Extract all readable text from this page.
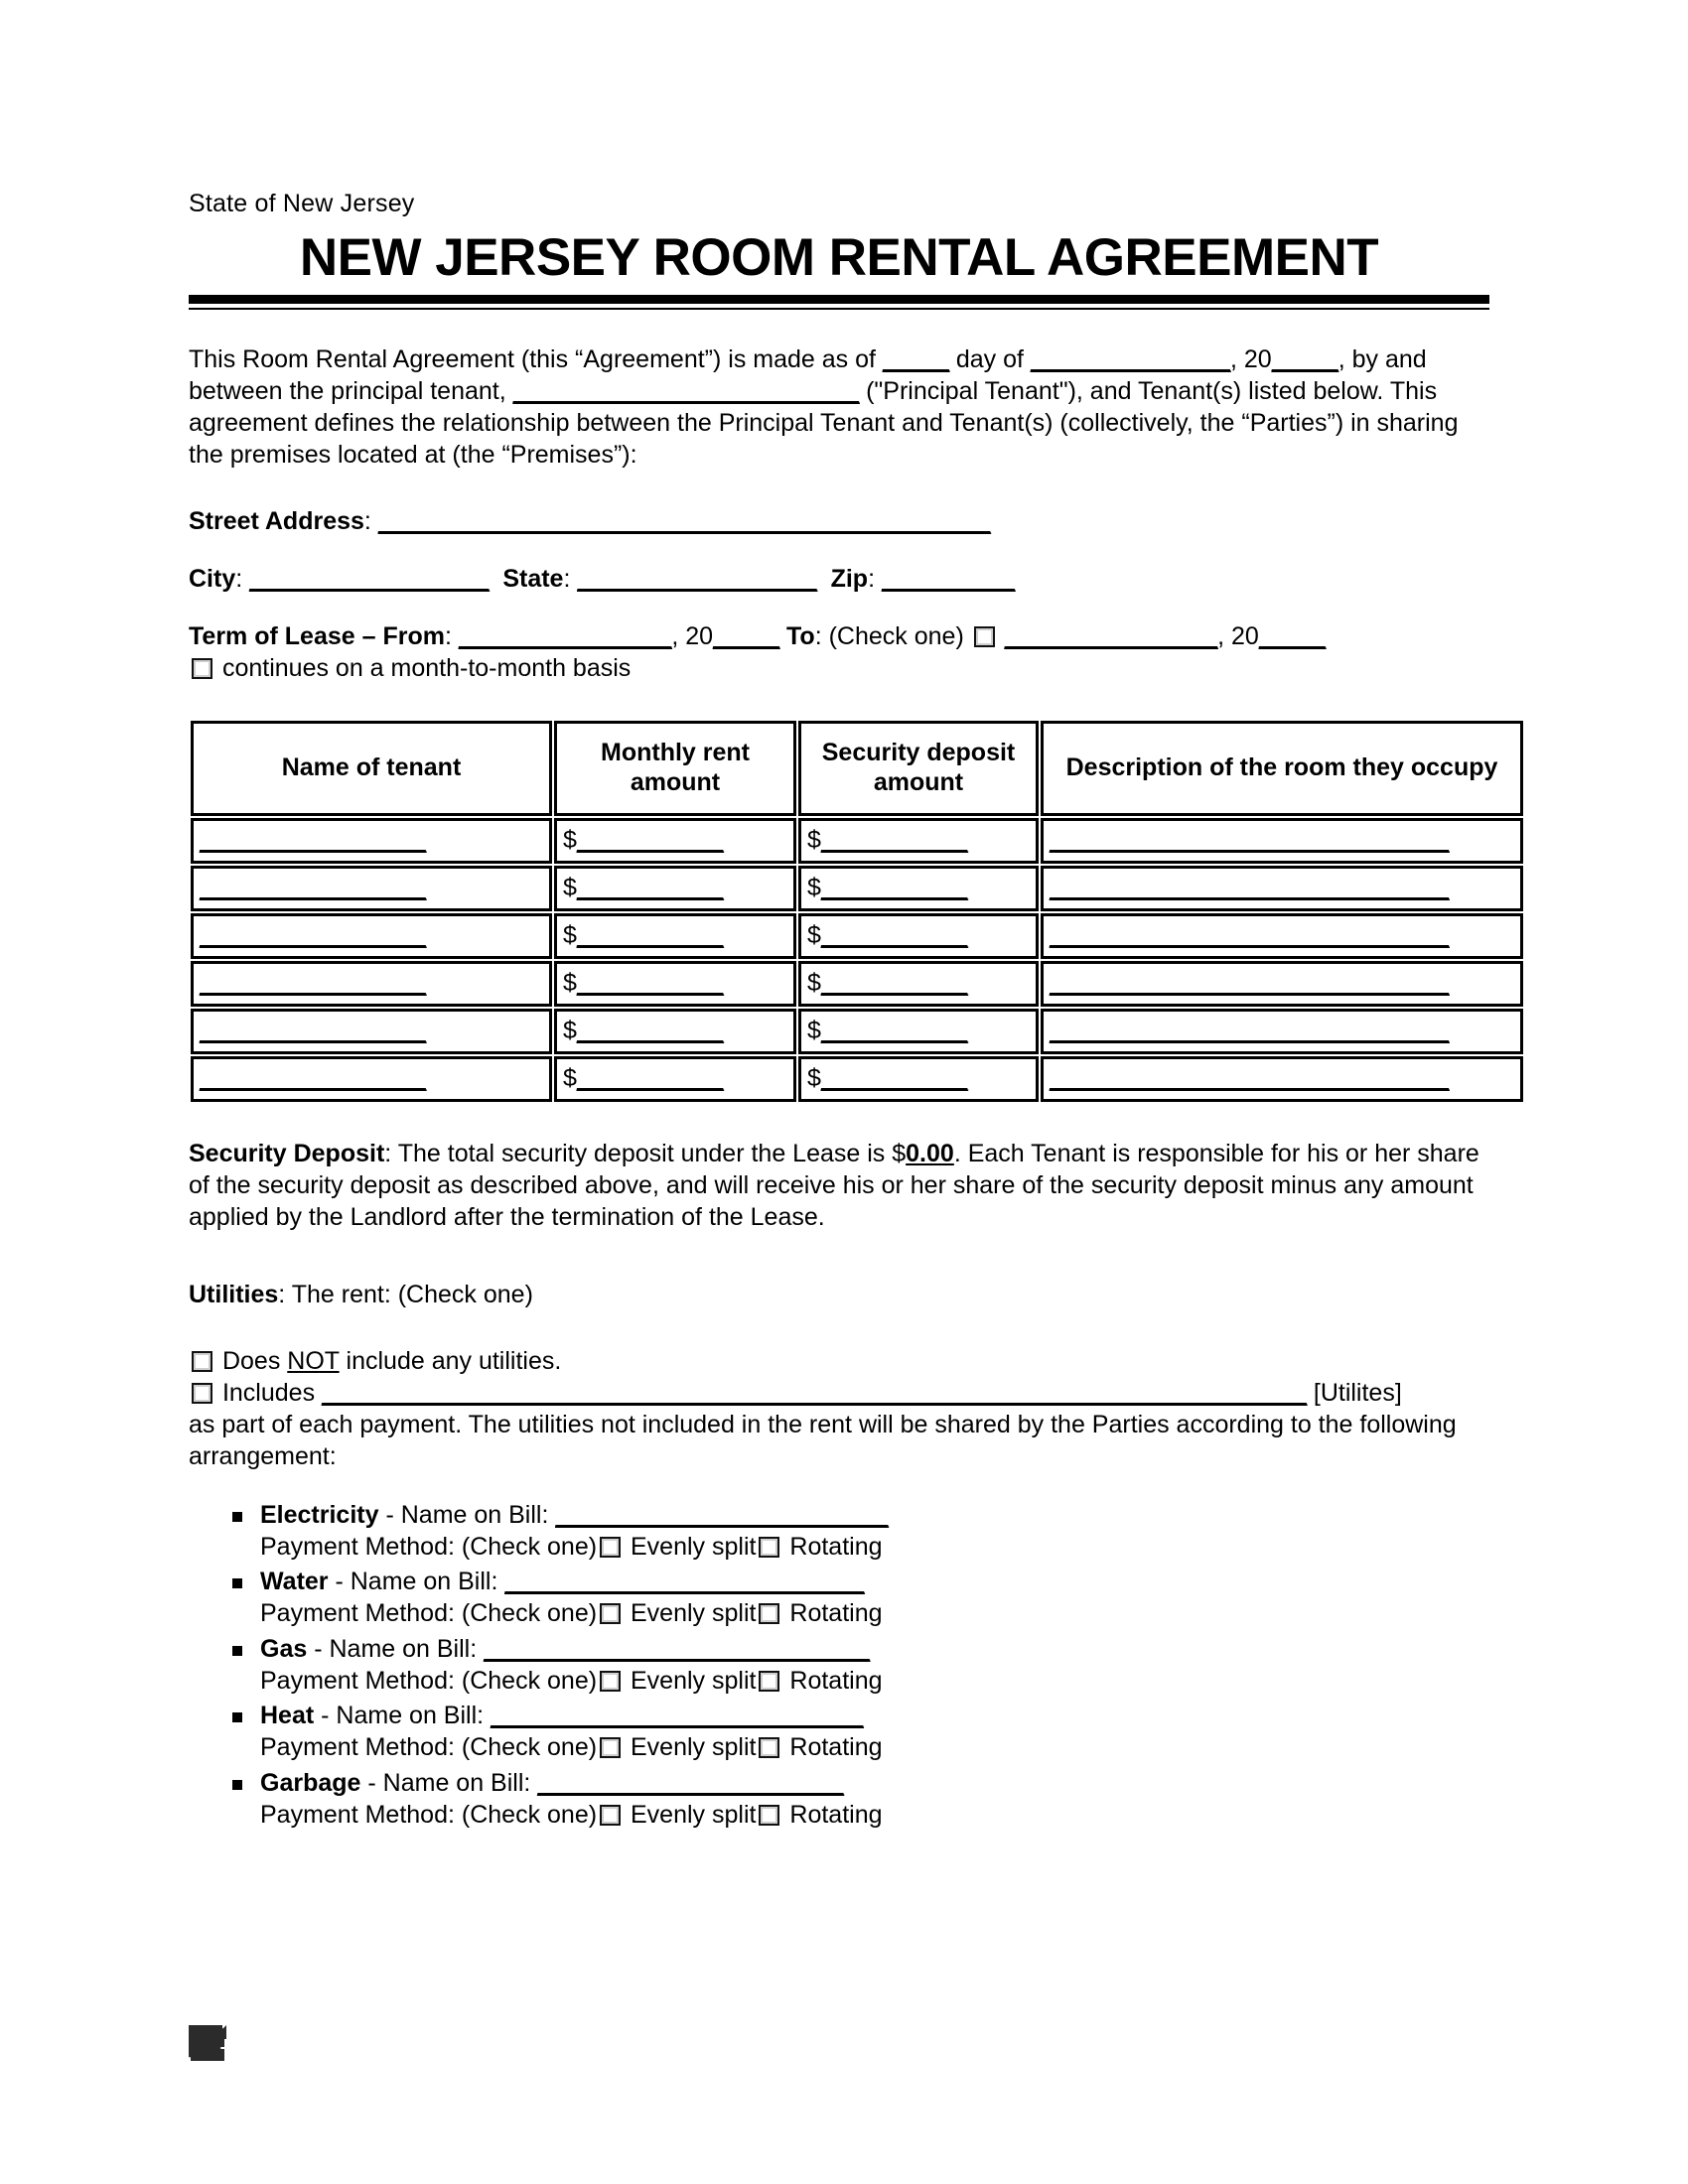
State of New Jersey
NEW JERSEY ROOM RENTAL AGREEMENT

This Room Rental Agreement (this “Agreement”) is made as of _____ day of _______________, 20_____, by and between the principal tenant, __________________________ ("Principal Tenant"), and Tenant(s) listed below. This agreement defines the relationship between the Principal Tenant and Tenant(s) (collectively, the “Parties”) in sharing the premises located at (the “Premises”):

Street Address: ______________________________________________

City: __________________ State: __________________ Zip: __________

Term of Lease – From: ________________, 20_____ To: (Check one) ________________, 20_____
continues on a month-to-month basis

Name of tenant	Monthly rent amount	Security deposit amount	Description of the room they occupy

_________________	$___________	$___________	______________________________

_________________	$___________	$___________	______________________________

_________________	$___________	$___________	______________________________

_________________	$___________	$___________	______________________________

_________________	$___________	$___________	______________________________

_________________	$___________	$___________	______________________________

Security Deposit: The total security deposit under the Lease is $0.00. Each Tenant is responsible for his or her share of the security deposit as described above, and will receive his or her share of the security deposit minus any amount applied by the Landlord after the termination of the Lease.

Utilities: The rent: (Check one)

Does NOT include any utilities.

Includes __________________________________________________________________________ [Utilites]

as part of each payment. The utilities not included in the rent will be shared by the Parties according to the following arrangement:

Electricity - Name on Bill: _________________________
Payment Method: (Check one) Evenly split Rotating
Water - Name on Bill: ___________________________
Payment Method: (Check one) Evenly split Rotating
Gas - Name on Bill: _____________________________
Payment Method: (Check one) Evenly split Rotating
Heat - Name on Bill: ____________________________
Payment Method: (Check one) Evenly split Rotating
Garbage - Name on Bill: _______________________
Payment Method: (Check one) Evenly split Rotating
